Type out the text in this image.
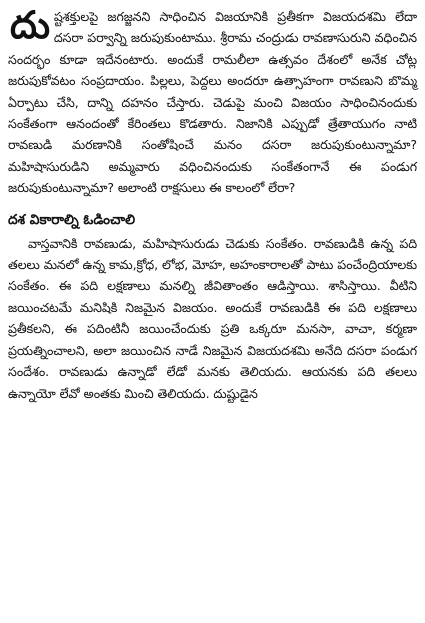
దుష్టశక్తులపై జగజ్జనని సాధించిన విజయానికి ప్రతీకగా విజయదశమి లేదా దసరా పర్వాన్ని జరుపుకుంటాము. శ్రీరామ చంద్రుడు రావణాసురుని వధించిన సందర్భం కూడా ఇదేనంటారు. అందుకే రామలీలా ఉత్సవం దేశంలో అనేక చోట్ల జరుపుకోవటం సంప్రదాయం. పిల్లలు, పెద్దలు అందరూ ఉత్సాహంగా రావణుని బొమ్మ ఏర్పాటు చేసి, దాన్ని దహనం చేస్తారు. చెడుపై మంచి విజయం సాధించినందుకు సంకేతంగా ఆనందంతో కేరింతలు కొడతారు. నిజానికి ఎప్పుడో త్రేతాయుగం నాటి రావణుడి మరణానికి సంతోషించే మనం దసరా జరుపుకుంటున్నామా? మహిషాసురుడిని అమ్మవారు వధించినందుకు సంకేతంగానే ఈ పండుగ జరుపుకుంటున్నామా? అలాంటి రాక్షసులు ఈ కాలంలో లేరా?

దశ వికారాల్ని ఓడించాలి

వాస్తవానికి రావణుడు, మహిషాసురుడు చెడుకు సంకేతం. రావణుడికి ఉన్న పది తలలు మనలో ఉన్న కామ,క్రోధ, లోభ, మోహ, అహంకారాలతో పాటు పంచేంద్రియాలకు సంకేతం. ఈ పది లక్షణాలు మనల్ని జీవితాంతం ఆడిస్తాయి. శాసిస్తాయి. వీటిని జయించటమే మనిషికి నిజమైన విజయం. అందుకే రావణుడికి ఈ పది లక్షణాలు ప్రతీకలని, ఈ పదింటినీ జయించేందుకు ప్రతి ఒక్కరూ మనసా, వాచా, కర్మణా ప్రయత్నించాలని, అలా జయించిన నాడే నిజమైన విజయదశమి అనేది దసరా పండుగ సందేశం. రావణుడు ఉన్నాడో లేడో మనకు తెలియదు. ఆయనకు పది తలలు ఉన్నాయో లేవో అంతకు మించి తెలియదు. దుష్టుడైన
